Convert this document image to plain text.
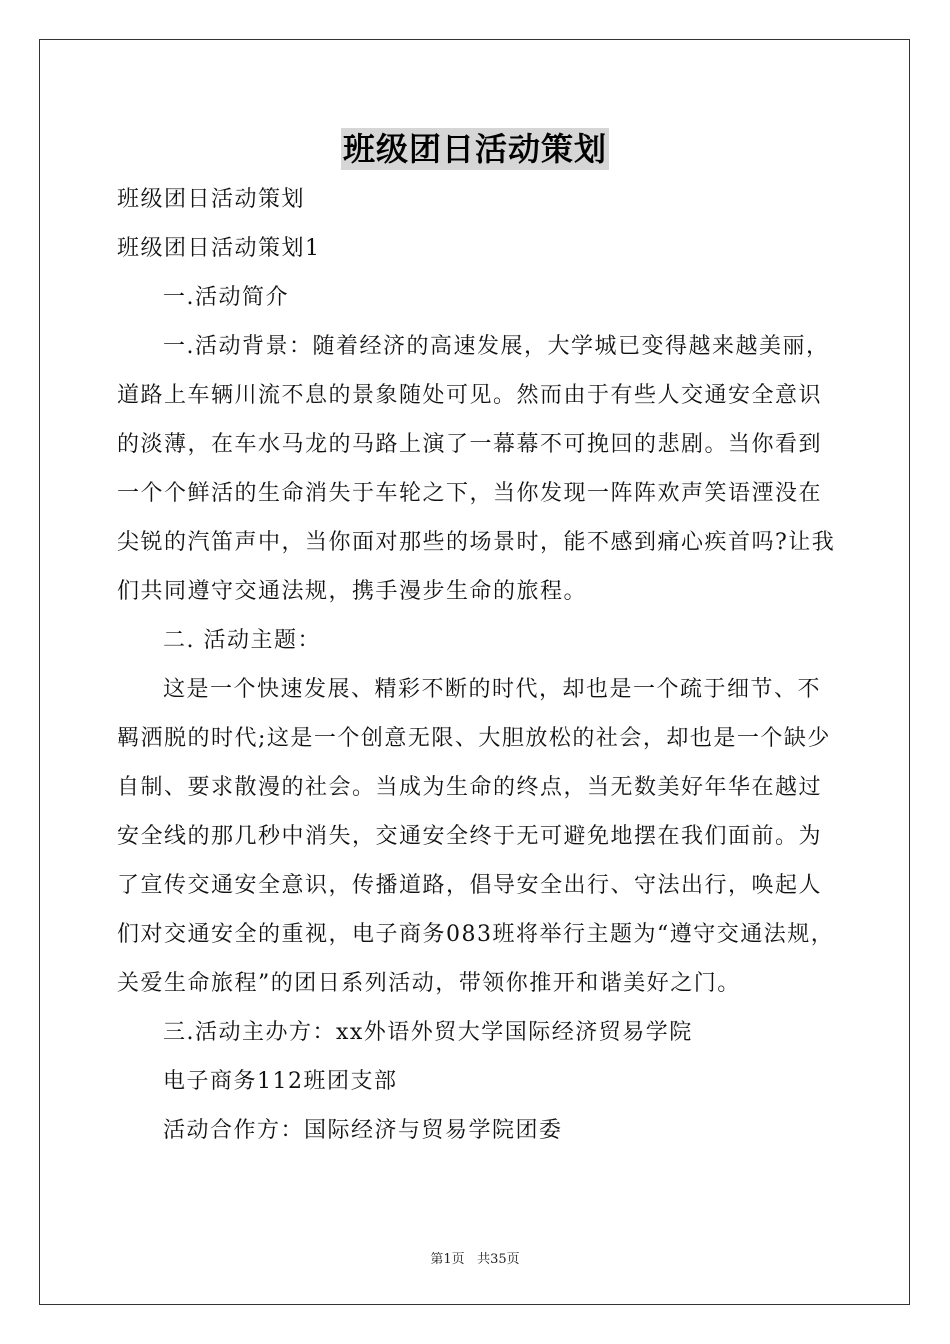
班级团日活动策划

班级团日活动策划

班级团日活动策划1

一.活动简介

一.活动背景：随着经济的高速发展，大学城已变得越来越美丽，道路上车辆川流不息的景象随处可见。然而由于有些人交通安全意识的淡薄，在车水马龙的马路上演了一幕幕不可挽回的悲剧。当你看到一个个鲜活的生命消失于车轮之下，当你发现一阵阵欢声笑语湮没在尖锐的汽笛声中，当你面对那些的场景时，能不感到痛心疾首吗?让我们共同遵守交通法规，携手漫步生命的旅程。

二. 活动主题：

这是一个快速发展、精彩不断的时代，却也是一个疏于细节、不羁洒脱的时代;这是一个创意无限、大胆放松的社会，却也是一个缺少自制、要求散漫的社会。当成为生命的终点，当无数美好年华在越过安全线的那几秒中消失，交通安全终于无可避免地摆在我们面前。为了宣传交通安全意识，传播道路，倡导安全出行、守法出行，唤起人们对交通安全的重视，电子商务083班将举行主题为“遵守交通法规，关爱生命旅程”的团日系列活动，带领你推开和谐美好之门。

三.活动主办方：xx外语外贸大学国际经济贸易学院

电子商务112班团支部

活动合作方：国际经济与贸易学院团委

第1页 共35页
